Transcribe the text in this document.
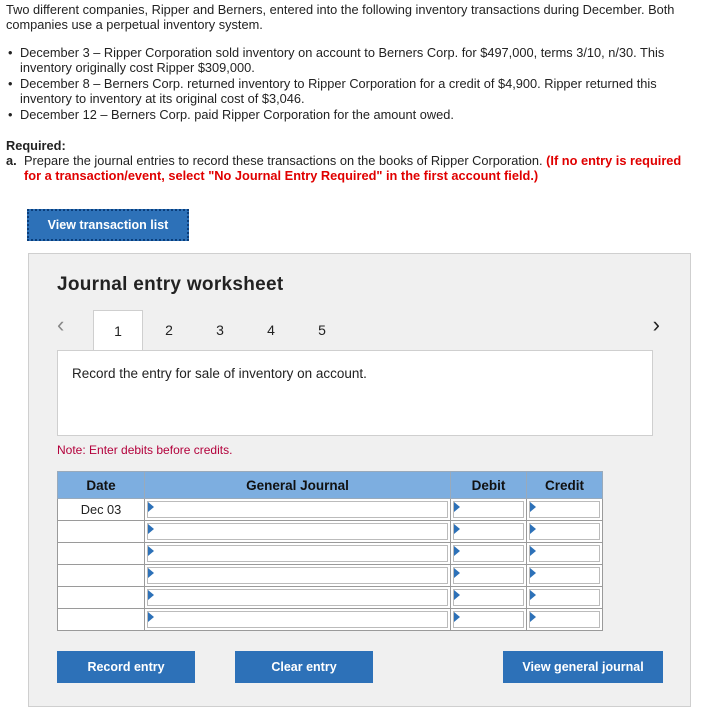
Two different companies, Ripper and Berners, entered into the following inventory transactions during December. Both companies use a perpetual inventory system.
• December 3 – Ripper Corporation sold inventory on account to Berners Corp. for $497,000, terms 3/10, n/30. This inventory originally cost Ripper $309,000.
• December 8 – Berners Corp. returned inventory to Ripper Corporation for a credit of $4,900. Ripper returned this inventory to inventory at its original cost of $3,046.
• December 12 – Berners Corp. paid Ripper Corporation for the amount owed.
Required:
a. Prepare the journal entries to record these transactions on the books of Ripper Corporation. (If no entry is required for a transaction/event, select "No Journal Entry Required" in the first account field.)
View transaction list
Journal entry worksheet
‹	1	2	3	4	5	›
Record the entry for sale of inventory on account.
Note: Enter debits before credits.
Date	General Journal	Debit	Credit
Dec 03	

Record entry	Clear entry	View general journal
